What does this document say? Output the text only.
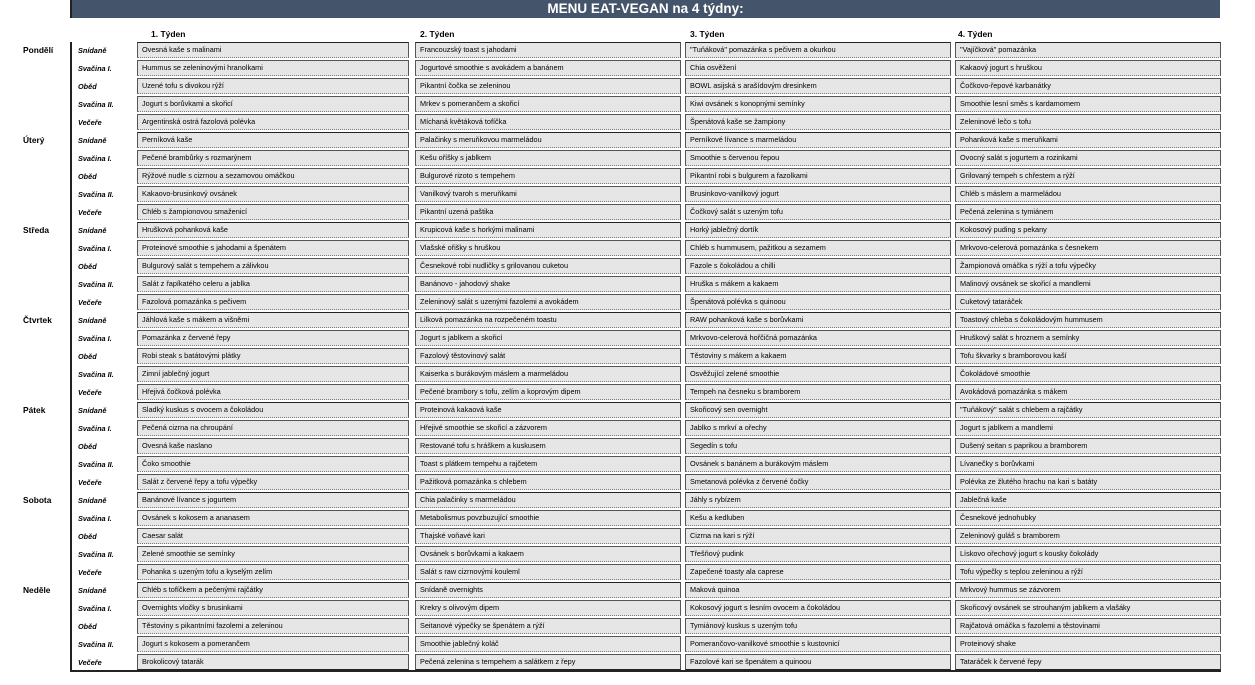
MENU EAT-VEGAN na 4 týdny:
1. Týden	2. Týden	3. Týden	4. Týden
Pondělí	Snídaně	Ovesná kaše s malinami	Francouzský toast s jahodami	"Tuňáková" pomazánka s pečivem a okurkou	"Vajíčková" pomazánka
Svačina I.	Hummus se zeleninovými hranolkami	Jogurtové smoothie s avokádem a banánem	Chia osvěžení	Kakaový jogurt s hruškou
Oběd	Uzené tofu s divokou rýží	Pikantní čočka se zeleninou	BOWL asijská s arašídovým dresinkem	Čočkovo-řepové karbanátky
Svačina II.	Jogurt s borůvkami a skořicí	Mrkev s pomerančem a skořicí	Kiwi ovsánek s konopnými semínky	Smoothie lesní směs s kardamomem
Večeře	Argentinská ostrá fazolová polévka	Míchaná květáková tofíčka	Špenátová kaše se žampiony	Zeleninové lečo s tofu
Úterý	Snídaně	Perníková kaše	Palačinky s meruňkovou marmeládou	Perníkové lívance s marmeládou	Pohanková kaše s meruňkami
Svačina I.	Pečené brambůrky s rozmarýnem	Kešu oříšky s jablkem	Smoothie s červenou řepou	Ovocný salát s jogurtem a rozinkami
Oběd	Rýžové nudle s cizrnou a sezamovou omáčkou	Bulgurové rizoto s tempehem	Pikantní robi s bulgurem a fazolkami	Grilovaný tempeh s chřestem a rýží
Svačina II.	Kakaovo-brusinkový ovsánek	Vanilkový tvaroh s meruňkami	Brusinkovo-vanilkový jogurt	Chléb s máslem a marmeládou
Večeře	Chléb s žampionovou smaženicí	Pikantní uzená paštika	Čočkový salát s uzeným tofu	Pečená zelenina s tymiánem
Středa	Snídaně	Hrušková pohanková kaše	Krupicová kaše s horkými malinami	Horký jablečný dortík	Kokosový puding s pekany
Svačina I.	Proteinové smoothie s jahodami a špenátem	Vlašské ořišky s hruškou	Chléb s hummusem, pažitkou a sezamem	Mrkvovo-celerová pomazánka s česnekem
Oběd	Bulgurový salát s tempehem a zálivkou	Česnekové robi nudličky s grilovanou cuketou	Fazole s čokoládou a chilli	Žampionová omáčka s rýží a tofu výpečky
Svačina II.	Salát z řapíkatého celeru a jablka	Banánovo - jahodový shake	Hruška s mákem a kakaem	Malinový ovsánek se skořicí a mandlemi
Večeře	Fazolová pomazánka s pečivem	Zeleninový salát s uzenými fazolemi a avokádem	Špenátová polévka s quinoou	Cuketový tataráček
Čtvrtek	Snídaně	Jáhlová kaše s mákem a višněmi	Lilková pomazánka na rozpečeném toastu	RAW pohanková kaše s borůvkami	Toastový chleba s čokoládovým hummusem
Svačina I.	Pomazánka z červené řepy	Jogurt s jablkem a skořicí	Mrkvovo-celerová hořčičná pomazánka	Hruškový salát s hroznem a semínky
Oběd	Robi steak s batátovými plátky	Fazolový těstovinový salát	Těstoviny s mákem a kakaem	Tofu škvarky s bramborovou kaší
Svačina II.	Zimní jablečný jogurt	Kaiserka s burákovým máslem a marmeládou	Osvěžující zelené smoothie	Čokoládové smoothie
Večeře	Hřejivá čočková polévka	Pečené brambory s tofu, zelím a koprovým dipem	Tempeh na česneku s bramborem	Avokádová pomazánka s mákem
Pátek	Snídaně	Sladký kuskus s ovocem a čokoládou	Proteinová kakaová kaše	Skořicový sen overnight	"Tuňákový" salát s chlebem a rajčátky
Svačina I.	Pečená cizrna na chroupání	Hřejivé smoothie se skořicí a zázvorem	Jablko s mrkví a ořechy	Jogurt s jablkem a mandlemi
Oběd	Ovesná kaše naslano	Restované tofu s hráškem a kuskusem	Segedín s tofu	Dušený seitan s paprikou a bramborem
Svačina II.	Čoko smoothie	Toast s plátkem tempehu a rajčetem	Ovsánek s banánem a burákovým máslem	Lívanečky s borůvkami
Večeře	Salát z červené řepy a tofu výpečky	Pažitková pomazánka s chlebem	Smetanová polévka z červené čočky	Polévka ze žlutého hrachu na kari s batáty
Sobota	Snídaně	Banánové lívance s jogurtem	Chia palačinky s marmeládou	Jáhly s rybízem	Jablečná kaše
Svačina I.	Ovsánek s kokosem a ananasem	Metabolismus povzbuzující smoothie	Kešu a kedluben	Česnekové jednohubky
Oběd	Caesar salát	Thajské voňavé kari	Cizrna na kari s rýží	Zeleninový guláš s bramborem
Svačina II.	Zelené smoothie se semínky	Ovsánek s borůvkami a kakaem	Třešňový pudink	Lískovo ořechový jogurt s kousky čokolády
Večeře	Pohanka s uzeným tofu a kyselým zelím	Salát s raw cizrnovými kouleml	Zapečené toasty ala caprese	Tofu výpečky s teplou zeleninou a rýží
Neděle	Snídaně	Chléb s tofíčkem a pečenými rajčátky	Snídaně overnights	Maková quinoa	Mrkvový hummus se zázvorem
Svačina I.	Overnights vločky s brusinkami	Krekry s olivovým dipem	Kokosový jogurt s lesním ovocem a čokoládou	Skořicový ovsánek se strouhaným jablkem a vlašáky
Oběd	Těstoviny s pikantními fazolemi a zeleninou	Seitanové výpečky se špenátem a rýží	Tymiánový kuskus s uzeným tofu	Rajčatová omáčka s fazolemi a těstovinami
Svačina II.	Jogurt s kokosem a pomerančem	Smoothie jablečný koláč	Pomerančovo-vanilkové smoothie s kustovnicí	Proteinový shake
Večeře	Brokolicový tatarák	Pečená zelenina s tempehem a salátkem z řepy	Fazolové kari se špenátem a quinoou	Tataráček k červené řepy
